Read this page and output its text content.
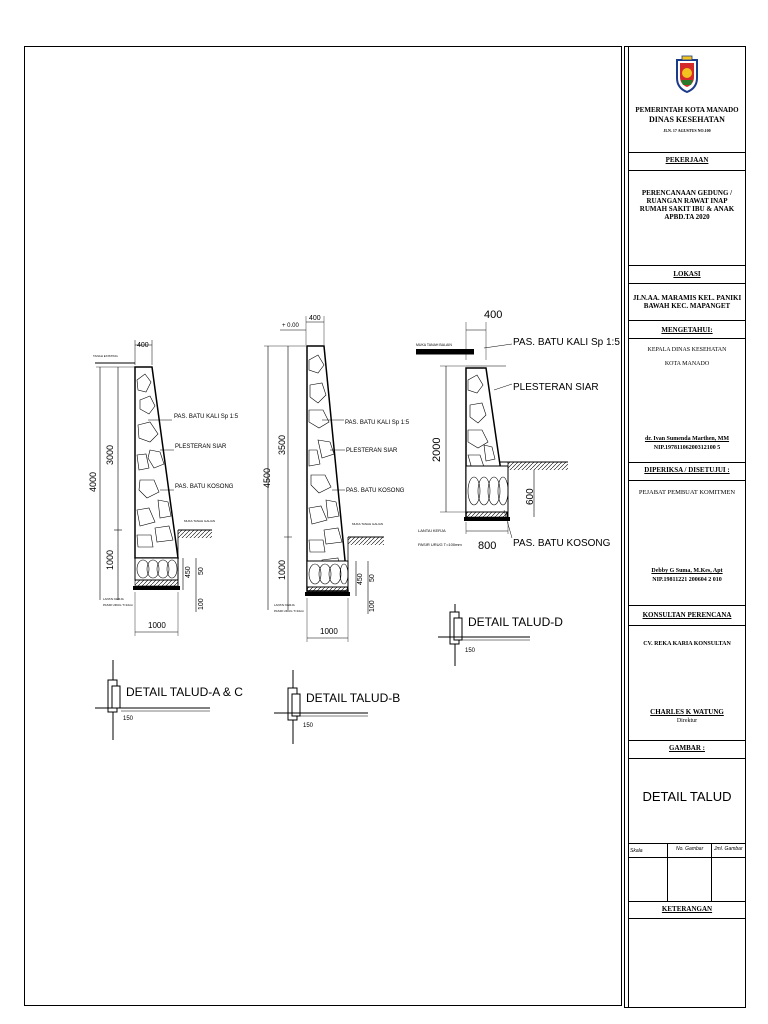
400
TANAH EXISTING
4000
3000
1000
PAS. BATU KALI Sp 1:5
PLESTERAN SIAR
PAS. BATU KOSONG
MUKA TANAH GALIAN
450 50
100
LANTAI KERJA
PASIR URUG T=10cm
1000
DETAIL TALUD-A & C
150
+ 0.00
400
4500
3500
1000
PAS. BATU KALI Sp 1:5
PLESTERAN SIAR
PAS. BATU KOSONG
MUKA TANAH GALIAN
450 50
100
LANTAI KERJA
PASIR URUG T=10cm
1000
DETAIL TALUD-B
150
400
MUKA TANAH BALAIN	PAS. BATU KALI Sp 1:5
PLESTERAN SIAR
2000
600
LANTAI KERJA
PASIR URUG T=100mm 800 PAS. BATU KOSONG
DETAIL TALUD-D
150
PEMERINTAH KOTA MANADO
DINAS KESEHATAN
JLN. 17 AGUSTUS NO.100
PEKERJAAN
PERENCANAAN GEDUNG /
RUANGAN RAWAT INAP
RUMAH SAKIT IBU & ANAK
APBD.TA 2020
LOKASI
JLN.AA. MARAMIS KEL. PANIKI
BAWAH KEC. MAPANGET
MENGETAHUI:
KEPALA DINAS KESEHATAN
KOTA MANADO
dr. Ivan Sumenda Marthen, MM
NIP.19781106200312100 5
DIPERIKSA / DISETUJUI :
PEJABAT PEMBUAT KOMITMEN
Debby G Suma, M.Kes, Apt
NIP.19811221 200604 2 010
KONSULTAN PERENCANA
CV. REKA KARIA KONSULTAN
CHARLES K WATUNG
Direktur
GAMBAR :
DETAIL TALUD
Skala	No. Gambar Jml. Gambar
KETERANGAN
